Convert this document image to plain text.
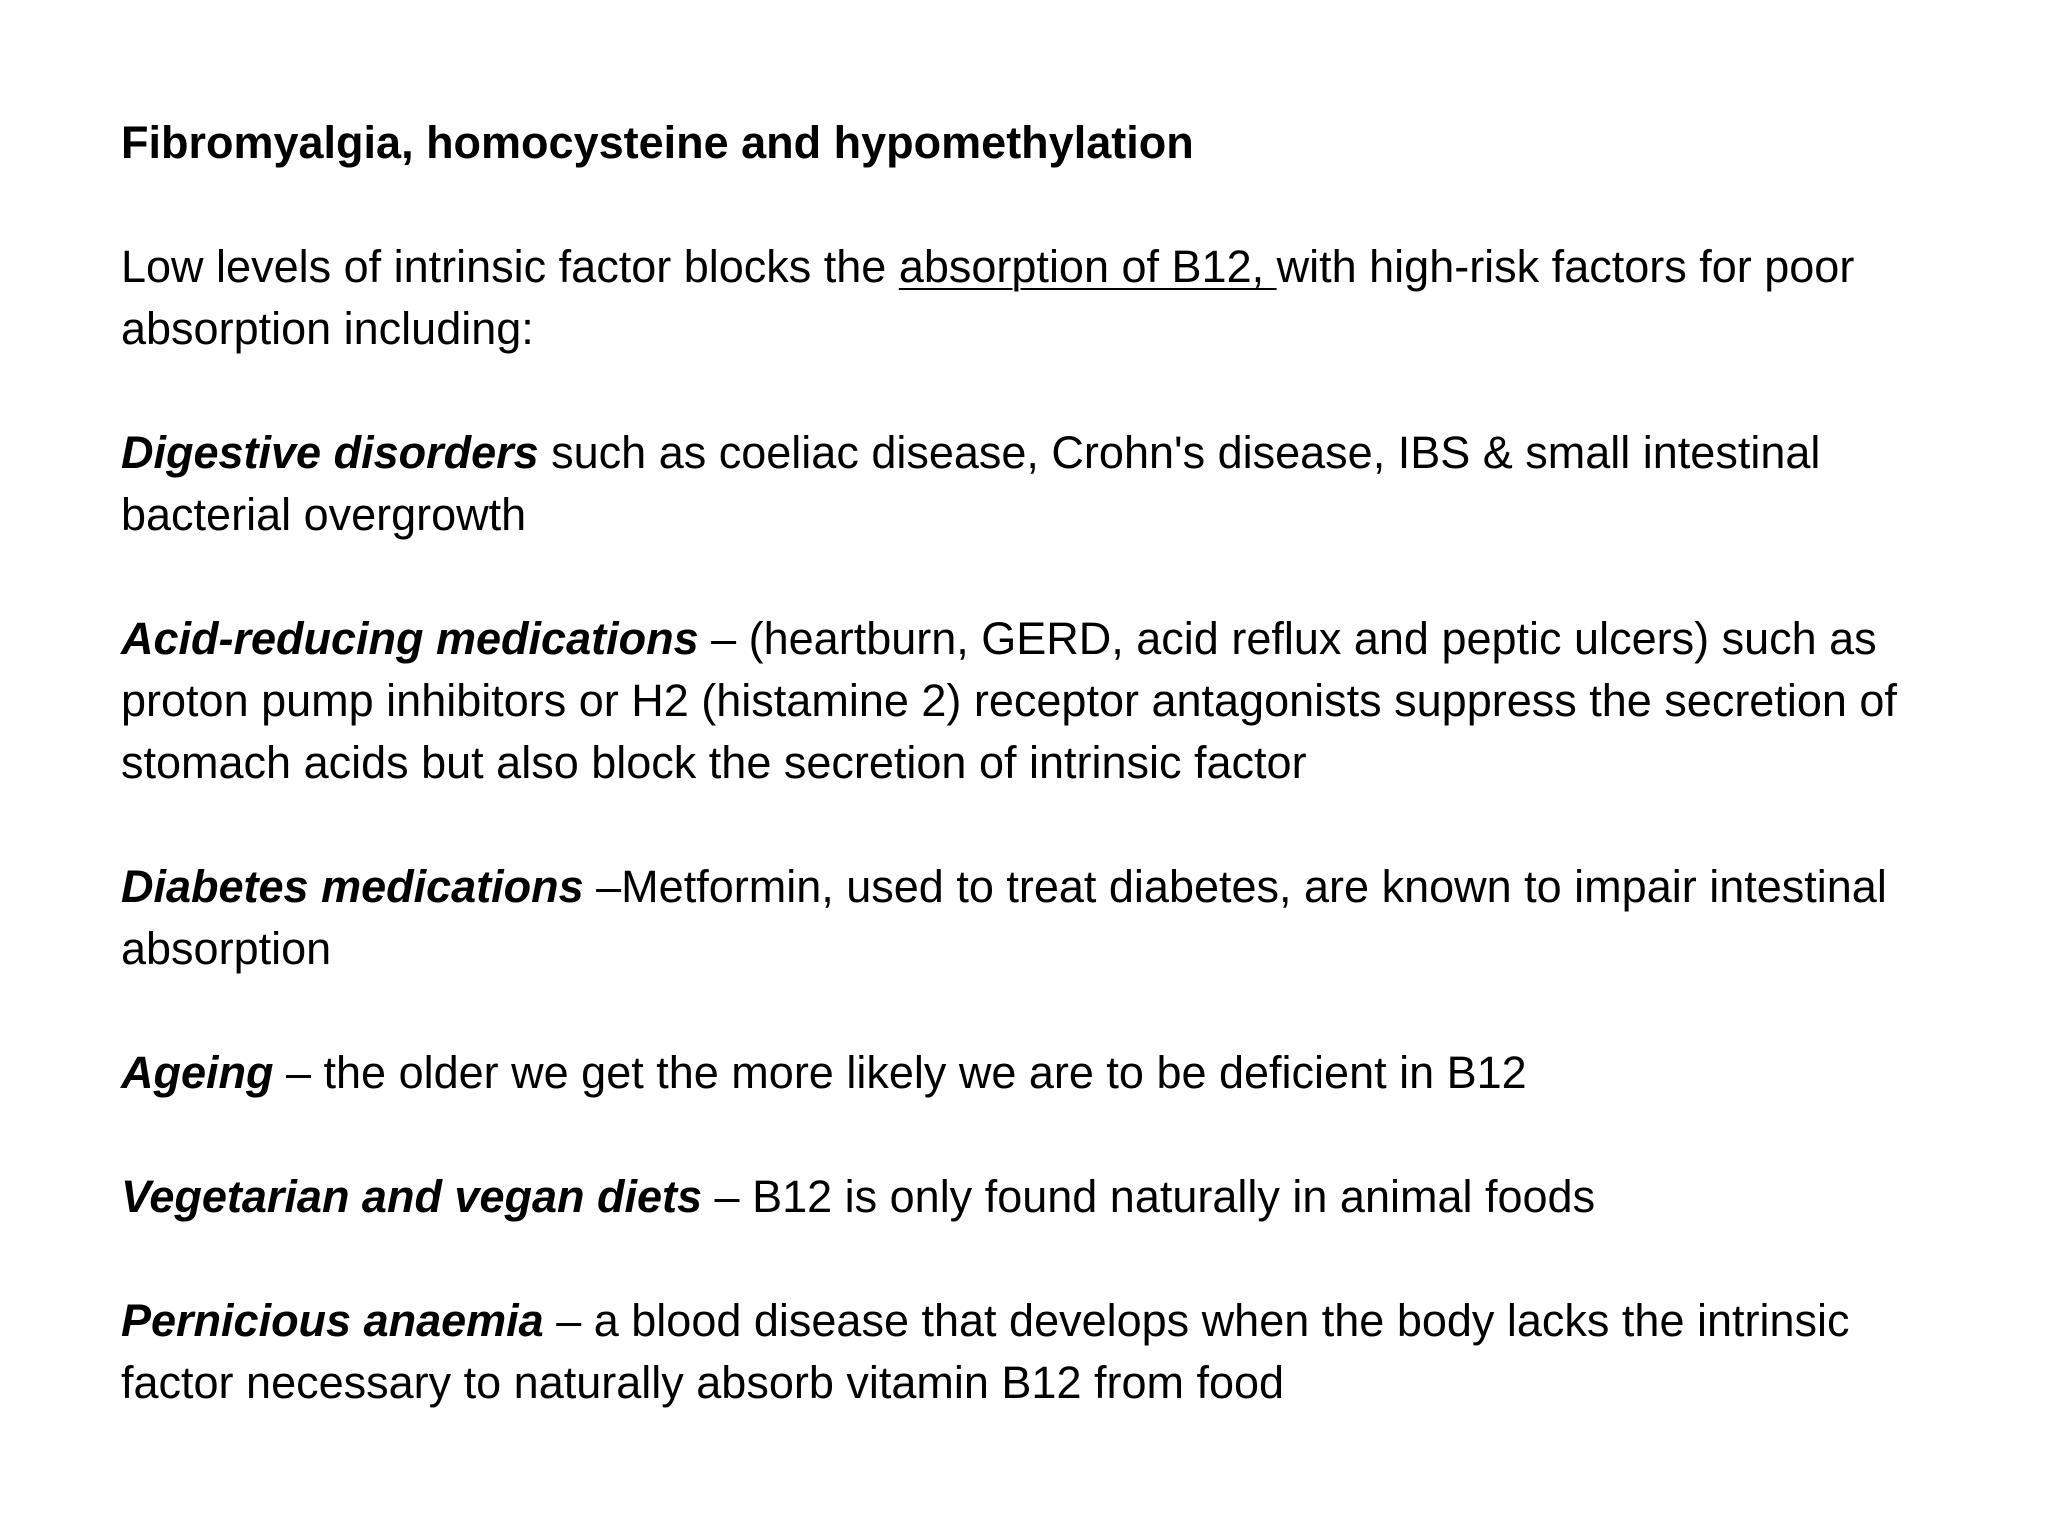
Fibromyalgia, homocysteine and hypomethylation

Low levels of intrinsic factor blocks the absorption of B12, with high-risk factors for poor absorption including:

Digestive disorders such as coeliac disease, Crohn's disease, IBS & small intestinal bacterial overgrowth

Acid-reducing medications – (heartburn, GERD, acid reflux and peptic ulcers) such as proton pump inhibitors or H2 (histamine 2) receptor antagonists suppress the secretion of stomach acids but also block the secretion of intrinsic factor

Diabetes medications –Metformin, used to treat diabetes, are known to impair intestinal absorption

Ageing – the older we get the more likely we are to be deficient in B12

Vegetarian and vegan diets – B12 is only found naturally in animal foods

Pernicious anaemia – a blood disease that develops when the body lacks the intrinsic factor necessary to naturally absorb vitamin B12 from food
